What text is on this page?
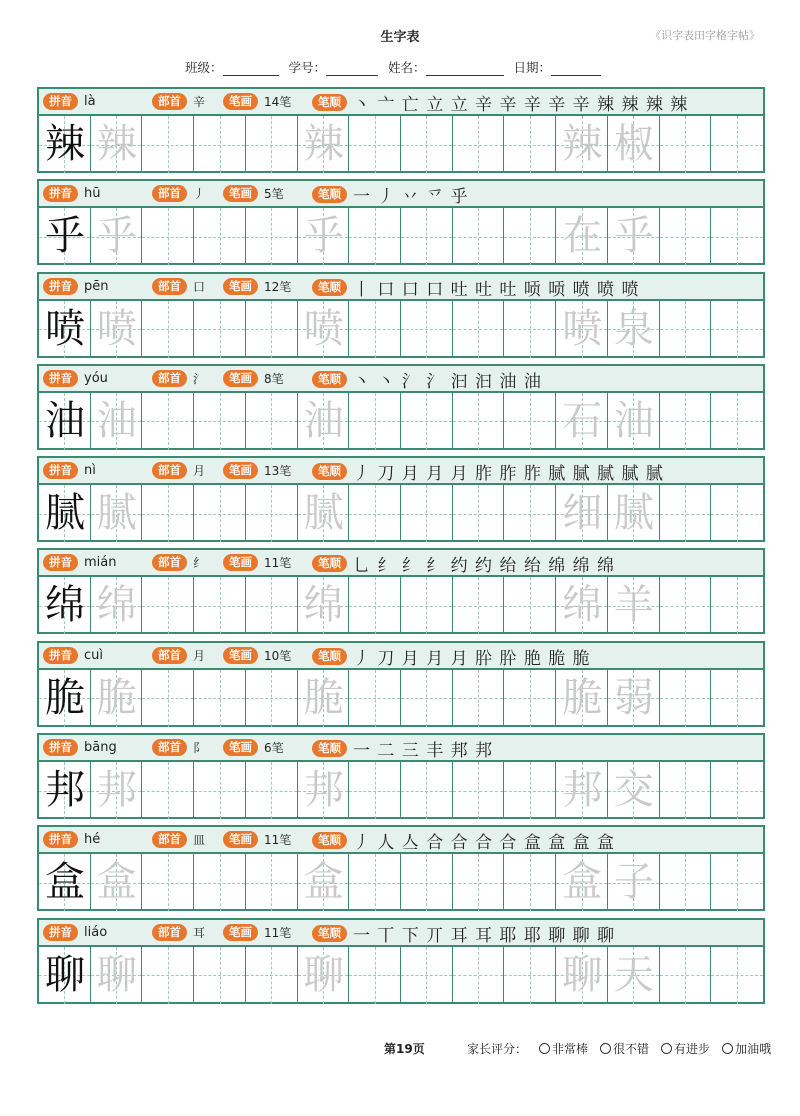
生字表	《识字表田字格字帖》
班级：	学号：	姓名：	日期：
拼音 là	部首	辛	笔画	14笔	笔顺 丶 亠 亡 立 立 辛 辛 辛 辛 辛 辣 辣 辣 辣
辣 辣	辣	辣 椒
拼音 hū	部首	丿	笔画	5笔	笔顺 一 丿 丷 乊 乎
乎 乎	乎	在 乎
拼音 pēn	部首	口	笔画	12笔	笔顺 丨 口 口 口 吐 吐 吐 唝 唝 喷 喷 喷
喷 喷	喷	喷 泉
拼音 yóu	部首	氵	笔画	8笔	笔顺 丶 丶 氵 氵 汩 汩 油 油
油 油	油	石 油
拼音 nì	部首	月	笔画	13笔	笔顺 丿 刀 月 月 月 胙 胙 胙 腻 腻 腻 腻 腻
腻 腻	腻	细 腻
拼音 mián	部首	纟	笔画	11笔	笔顺 乚 纟 纟 纟 约 约 绐 绐 绵 绵 绵
绵 绵	绵	绵 羊
拼音 cuì	部首	月	笔画	10笔	笔顺 丿 刀 月 月 月 肸 肸 脃 脆 脆
脆 脆	脆	脆 弱
拼音 bāng	部首	阝	笔画	6笔	笔顺 一 二 三 丰 邦 邦
邦 邦	邦	邦 交
拼音 hé	部首	皿	笔画	11笔	笔顺 丿 人 亼 合 合 合 合 盒 盒 盒 盒
盒 盒	盒	盒 子
拼音 liáo	部首	耳	笔画	11笔	笔顺 一 丅 下 丌 耳 耳 耶 耶 聊 聊 聊
聊 聊	聊	聊 天
第19页	家长评分： 非常棒 很不错 有进步 加油哦
